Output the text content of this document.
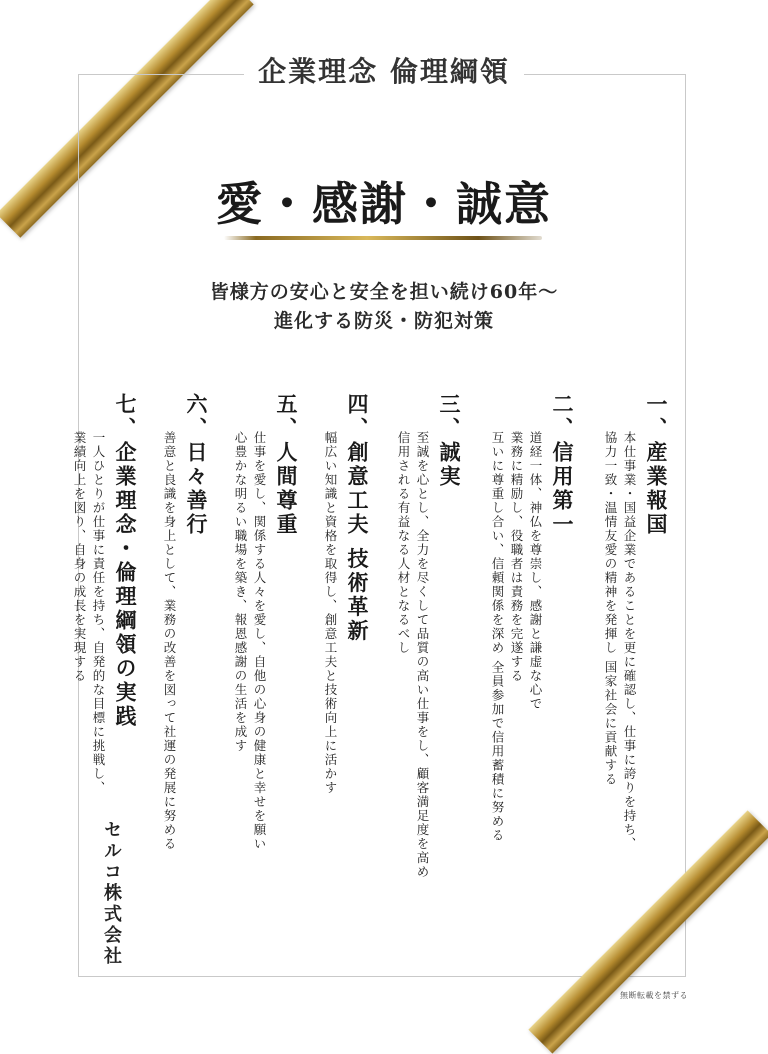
企業理念 倫理綱領
愛・感謝・誠意
皆様方の安心と安全を担い続け60年〜
進化する防災・防犯対策
一、産業報国
本仕事業・国益企業であることを更に確認し、仕事に誇りを持ち、
協力一致・温情友愛の精神を発揮し 国家社会に貢献する
二、信用第一
道経一体、神仏を尊崇し、感謝と謙虚な心で
業務に精励し、役職者は責務を完遂する
互いに尊重し合い、信頼関係を深め 全員参加で信用蓄積に努める
三、誠実
至誠を心とし、全力を尽くして品質の高い仕事をし、顧客満足度を高め
信用される有益なる人材となるべし
四、創意工夫 技術革新
幅広い知識と資格を取得し、創意工夫と技術向上に活かす
五、人間尊重
仕事を愛し、関係する人々を愛し、自他の心身の健康と幸せを願い
心豊かな明るい職場を築き、報恩感謝の生活を成す
六、日々善行
善意と良識を身上として、業務の改善を図って社運の発展に努める
七、企業理念・倫理綱領の実践
一人ひとりが仕事に責任を持ち、自発的な目標に挑戦し、
業績向上を図り、自身の成長を実現する
セルコ株式会社
無断転載を禁ずる
